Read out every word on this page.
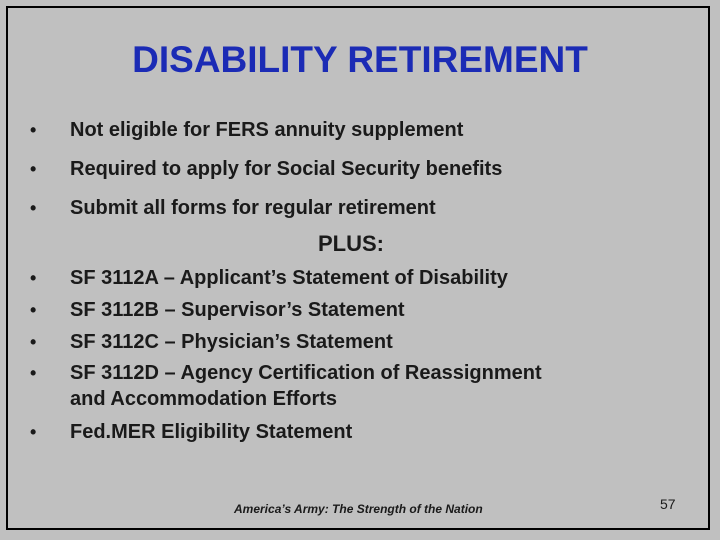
DISABILITY RETIREMENT
• Not eligible for FERS annuity supplement
• Required to apply for Social Security benefits
• Submit all forms for regular retirement
PLUS:
• SF 3112A – Applicant’s Statement of Disability
• SF 3112B – Supervisor’s Statement
• SF 3112C – Physician’s Statement
• SF 3112D – Agency Certification of Reassignment
and Accommodation Efforts
• Fed.MER Eligibility Statement
America’s Army: The Strength of the Nation	57
